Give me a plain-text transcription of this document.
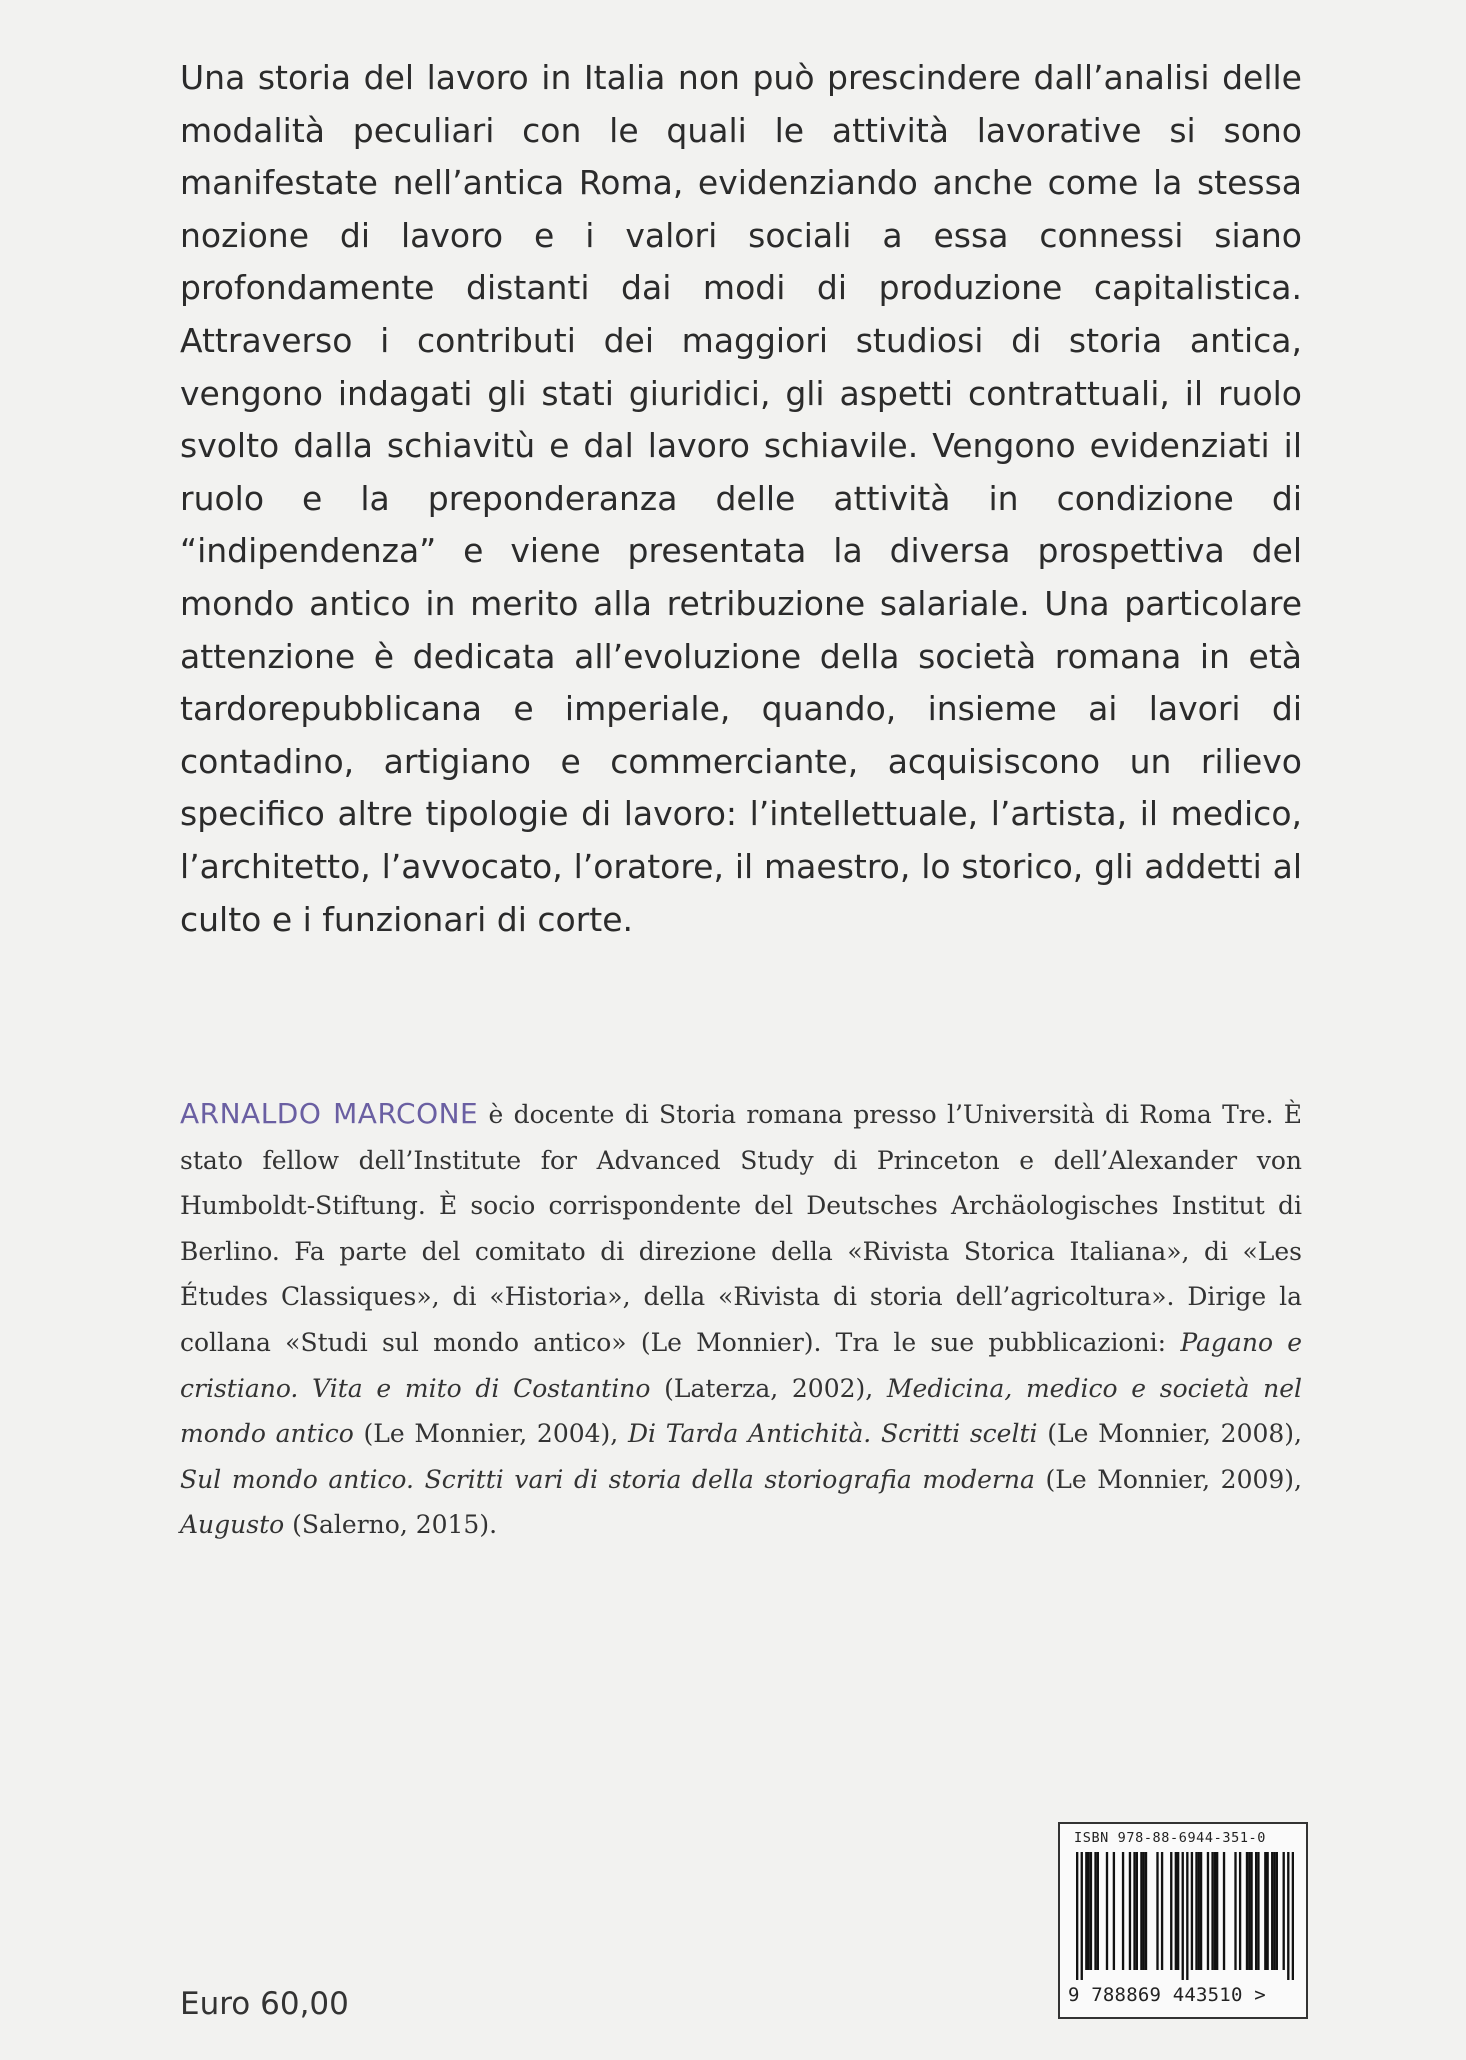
Una storia del lavoro in Italia non può prescindere dall’analisi delle modalità peculiari con le quali le attività lavorative si sono manifestate nell’antica Roma, evidenziando anche come la stessa nozione di lavoro e i valori sociali a essa connessi siano profondamente distanti dai modi di produzione capitalistica. Attraverso i contributi dei maggiori studiosi di storia antica, vengono indagati gli stati giuridici, gli aspetti contrattuali, il ruolo svolto dalla schiavitù e dal lavoro schiavile. Vengono evidenziati il ruolo e la preponderanza delle attività in condizione di “indipendenza” e viene presentata la diversa prospettiva del mondo antico in merito alla retribuzione salariale. Una particolare attenzione è dedicata all’evoluzione della società romana in età tardorepubblicana e imperiale, quando, insieme ai lavori di contadino, artigiano e commerciante, acquisiscono un rilievo specifico altre tipologie di lavoro: l’intellettuale, l’artista, il medico, l’architetto, l’avvocato, l’oratore, il maestro, lo storico, gli addetti al culto e i funzionari di corte.

ARNALDO MARCONE è docente di Storia romana presso l’Università di Roma Tre. È stato fellow dell’Institute for Advanced Study di Princeton e dell’Alexander von Humboldt-Stiftung. È socio corrispondente del Deutsches Archäologisches Institut di Berlino. Fa parte del comitato di direzione della «Rivista Storica Italiana», di «Les Études Classiques», di «Historia», della «Rivista di storia dell’agricoltura». Dirige la collana «Studi sul mondo antico» (Le Monnier). Tra le sue pubblicazioni: Pagano e cristiano. Vita e mito di Costantino (Laterza, 2002), Medicina, medico e società nel mondo antico (Le Monnier, 2004), Di Tarda Antichità. Scritti scelti (Le Monnier, 2008), Sul mondo antico. Scritti vari di storia della storiografia moderna (Le Monnier, 2009), Augusto (Salerno, 2015).

Euro 60,00
ISBN 978-88-6944-351-0
9 788869 443510 >
